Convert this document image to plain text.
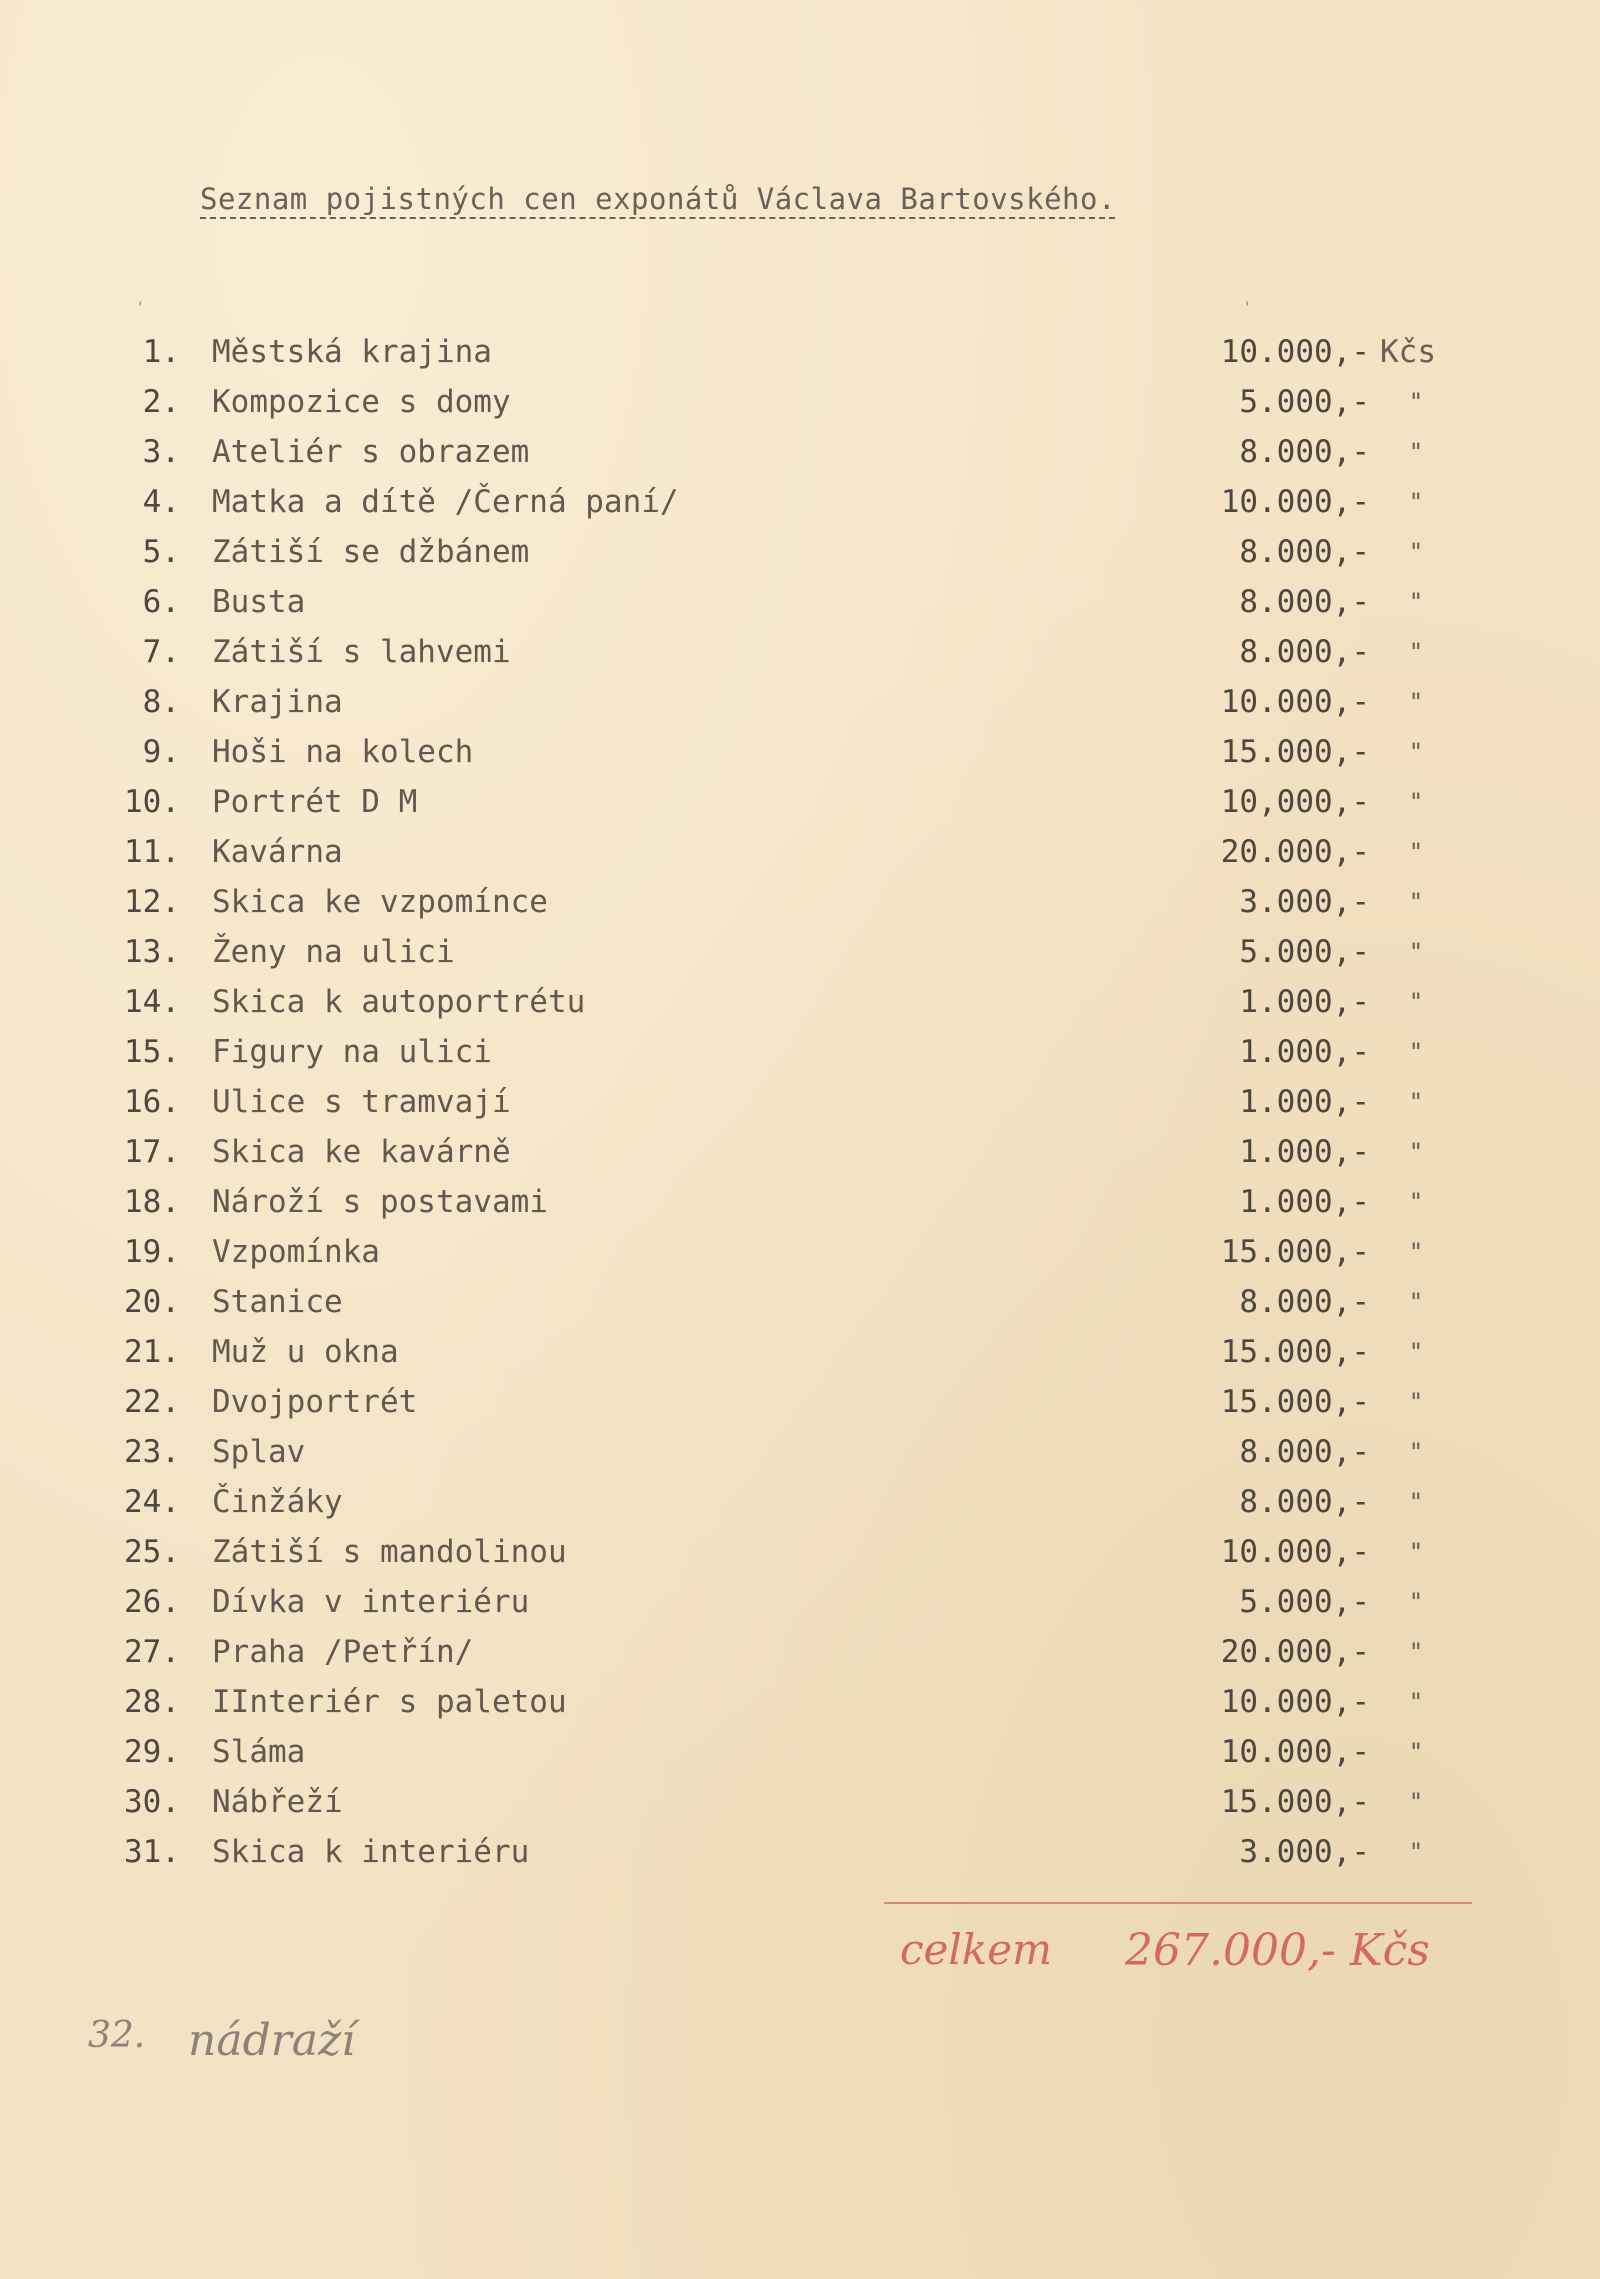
Seznam pojistných cen exponátů Václava Bartovského.
'	'
1. Městská krajina	10.000,- Kčs
2. Kompozice s domy	5.000,-	"
3. Ateliér s obrazem	8.000,-	"
4. Matka a dítě /Černá paní/	10.000,-	"
5. Zátiší se džbánem	8.000,-	"
6. Busta	8.000,-	"
7. Zátiší s lahvemi	8.000,-	"
8. Krajina	10.000,-	"
9. Hoši na kolech	15.000,-	"
10. Portrét D M	10,000,-	"
11. Kavárna	20.000,-	"
12. Skica ke vzpomínce	3.000,-	"
13. Ženy na ulici	5.000,-	"
14. Skica k autoportrétu	1.000,-	"
15. Figury na ulici	1.000,-	"
16. Ulice s tramvají	1.000,-	"
17. Skica ke kavárně	1.000,-	"
18. Nároží s postavami	1.000,-	"
19. Vzpomínka	15.000,-	"
20. Stanice	8.000,-	"
21. Muž u okna	15.000,-	"
22. Dvojportrét	15.000,-	"
23. Splav	8.000,-	"
24. Činžáky	8.000,-	"
25. Zátiší s mandolinou	10.000,-	"
26. Dívka v interiéru	5.000,-	"
27. Praha /Petřín/	20.000,-	"
28. IInteriér s paletou	10.000,-	"
29. Sláma	10.000,-	"
30. Nábřeží	15.000,-	"
31. Skica k interiéru	3.000,-	"
celkem 267.000,- Kčs
32. nádraží
